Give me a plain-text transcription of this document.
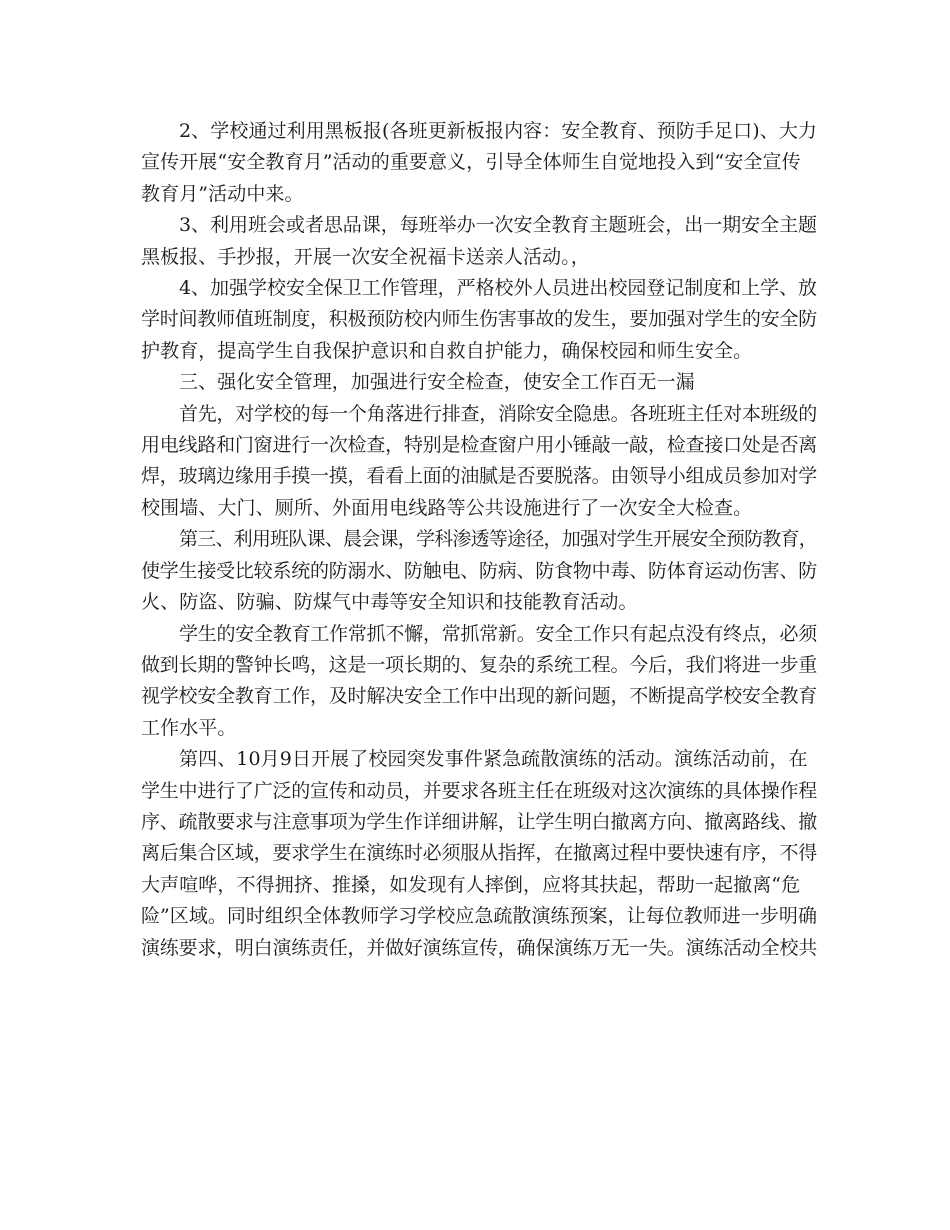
2、学校通过利用黑板报(各班更新板报内容：安全教育、预防手足口)、大力
宣传开展“安全教育月”活动的重要意义，引导全体师生自觉地投入到“安全宣传
教育月”活动中来。
3、利用班会或者思品课，每班举办一次安全教育主题班会，出一期安全主题
黑板报、手抄报，开展一次安全祝福卡送亲人活动。，
4、加强学校安全保卫工作管理，严格校外人员进出校园登记制度和上学、放
学时间教师值班制度，积极预防校内师生伤害事故的发生，要加强对学生的安全防
护教育，提高学生自我保护意识和自救自护能力，确保校园和师生安全。
三、强化安全管理，加强进行安全检查，使安全工作百无一漏
首先，对学校的每一个角落进行排查，消除安全隐患。各班班主任对本班级的
用电线路和门窗进行一次检查，特别是检查窗户用小锤敲一敲，检查接口处是否离
焊，玻璃边缘用手摸一摸，看看上面的油腻是否要脱落。由领导小组成员参加对学
校围墙、大门、厕所、外面用电线路等公共设施进行了一次安全大检查。
第三、利用班队课、晨会课，学科渗透等途径，加强对学生开展安全预防教育，
使学生接受比较系统的防溺水、防触电、防病、防食物中毒、防体育运动伤害、防
火、防盗、防骗、防煤气中毒等安全知识和技能教育活动。
学生的安全教育工作常抓不懈，常抓常新。安全工作只有起点没有终点，必须
做到长期的警钟长鸣，这是一项长期的、复杂的系统工程。今后，我们将进一步重
视学校安全教育工作，及时解决安全工作中出现的新问题，不断提高学校安全教育
工作水平。
第四、10月9日开展了校园突发事件紧急疏散演练的活动。演练活动前，在
学生中进行了广泛的宣传和动员，并要求各班主任在班级对这次演练的具体操作程
序、疏散要求与注意事项为学生作详细讲解，让学生明白撤离方向、撤离路线、撤
离后集合区域，要求学生在演练时必须服从指挥，在撤离过程中要快速有序，不得
大声喧哗，不得拥挤、推搡，如发现有人摔倒，应将其扶起，帮助一起撤离“危
险”区域。同时组织全体教师学习学校应急疏散演练预案，让每位教师进一步明确
演练要求，明白演练责任，并做好演练宣传，确保演练万无一失。演练活动全校共
